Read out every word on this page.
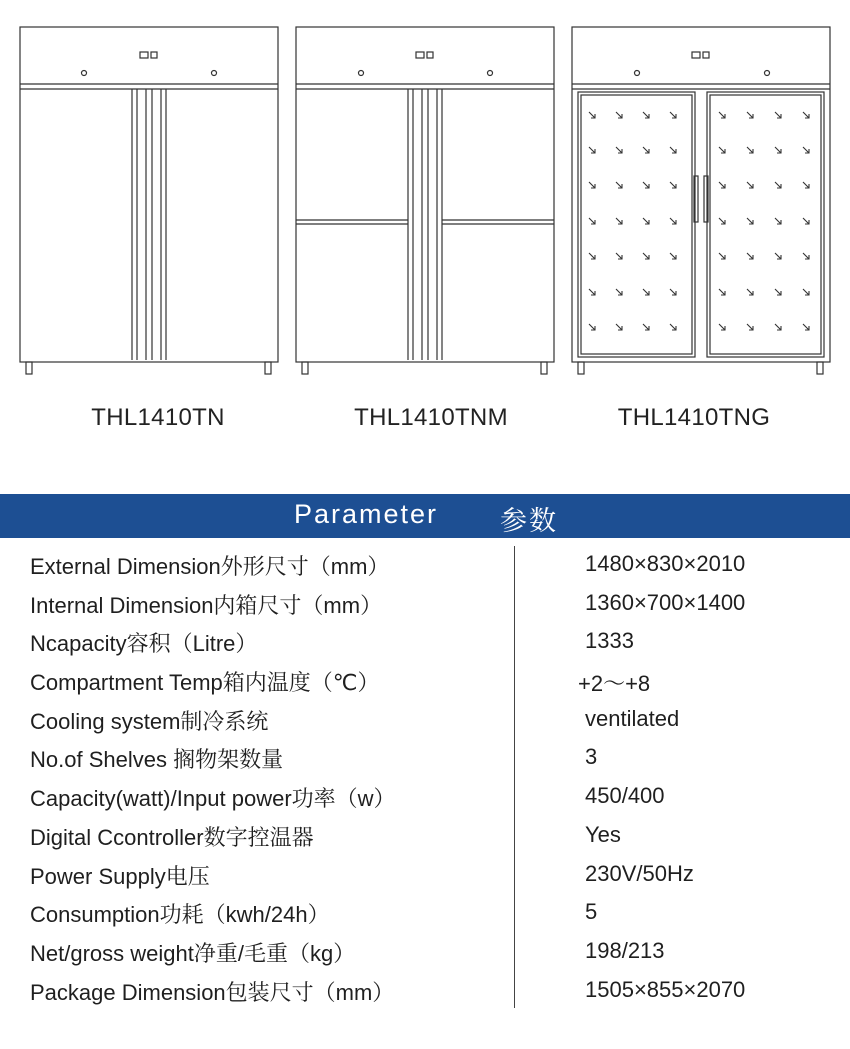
THL1410TN	THL1410TNM	THL1410TNG
Parameter 参数
External Dimension外形尺寸（mm）	1480×830×2010
Internal Dimension内箱尺寸（mm）	1360×700×1400
Ncapacity容积（Litre）	1333
Compartment Temp箱内温度（℃）	+2～+8
Cooling system制冷系统	ventilated
No.of Shelves 搁物架数量	3
Capacity(watt)/Input power功率（w）	450/400
Digital Ccontroller数字控温器	Yes
Power Supply电压	230V/50Hz
Consumption功耗（kwh/24h）	5
Net/gross weight净重/毛重（kg）	198/213
Package Dimension包装尺寸（mm）	1505×855×2070
